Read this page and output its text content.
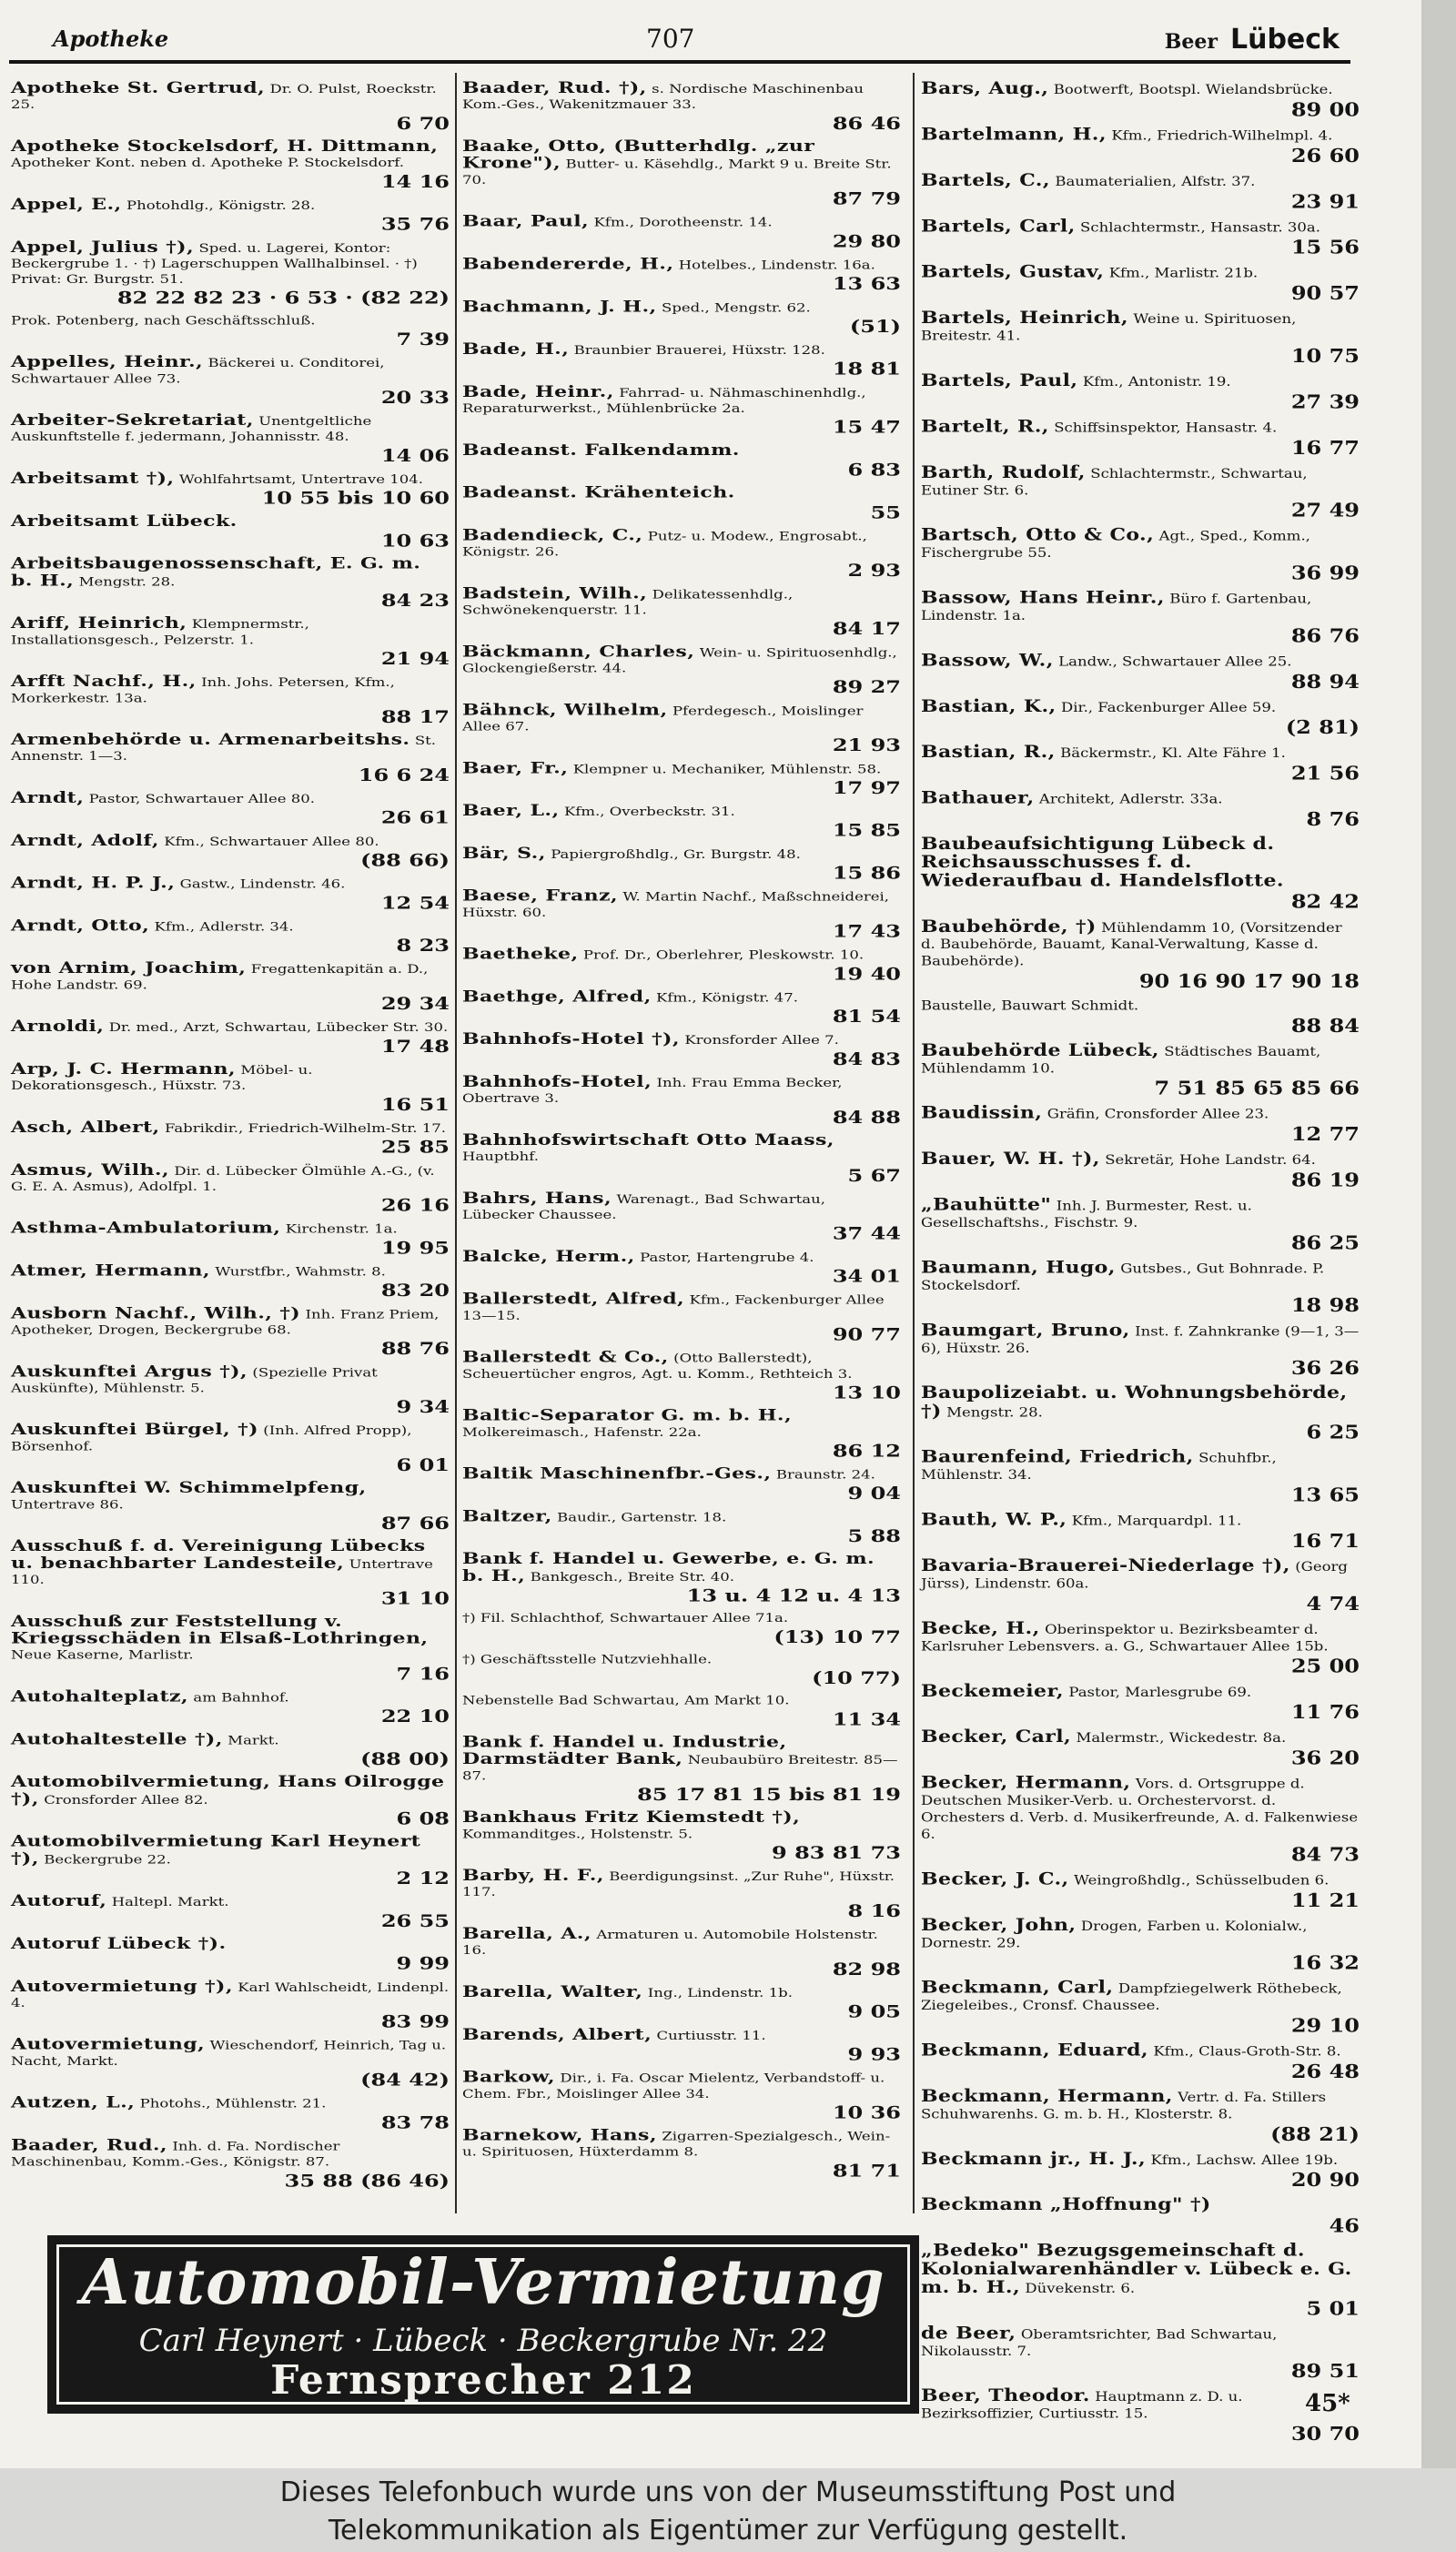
Apotheke	707	Beer Lübeck
Apotheke St. Gertrud, Dr. O. Pulst, Roeckstr. 25.
6 70
Apotheke Stockelsdorf, H. Dittmann, Apotheker Kont. neben d. Apotheke P. Stockelsdorf.
14 16
Appel, E., Photohdlg., Königstr. 28.
35 76
Appel, Julius †), Sped. u. Lagerei, Kontor: Beckergrube 1. · †) Lagerschuppen Wallhalbinsel. · †) Privat: Gr. Burgstr. 51.
82 22 82 23 · 6 53 · (82 22)
Prok. Potenberg, nach Geschäftsschluß.
7 39
Appelles, Heinr., Bäckerei u. Conditorei, Schwartauer Allee 73.
20 33
Arbeiter-Sekretariat, Unentgeltliche Auskunftstelle f. jedermann, Johannisstr. 48.
14 06
Arbeitsamt †), Wohlfahrtsamt, Untertrave 104.
10 55 bis 10 60
Arbeitsamt Lübeck.
10 63
Arbeitsbaugenossenschaft, E. G. m. b. H., Mengstr. 28.
84 23
Ariff, Heinrich, Klempnermstr., Installationsgesch., Pelzerstr. 1.
21 94
Arfft Nachf., H., Inh. Johs. Petersen, Kfm., Morkerkestr. 13a.
88 17
Armenbehörde u. Armenarbeitshs. St. Annenstr. 1—3.
16 6 24
Arndt, Pastor, Schwartauer Allee 80.
26 61
Arndt, Adolf, Kfm., Schwartauer Allee 80.
(88 66)
Arndt, H. P. J., Gastw., Lindenstr. 46.
12 54
Arndt, Otto, Kfm., Adlerstr. 34.
8 23
von Arnim, Joachim, Fregattenkapitän a. D., Hohe Landstr. 69.
29 34
Arnoldi, Dr. med., Arzt, Schwartau, Lübecker Str. 30.
17 48
Arp, J. C. Hermann, Möbel- u. Dekorationsgesch., Hüxstr. 73.
16 51
Asch, Albert, Fabrikdir., Friedrich-Wilhelm-Str. 17.
25 85
Asmus, Wilh., Dir. d. Lübecker Ölmühle A.-G., (v. G. E. A. Asmus), Adolfpl. 1.
26 16
Asthma-Ambulatorium, Kirchenstr. 1a.
19 95
Atmer, Hermann, Wurstfbr., Wahmstr. 8.
83 20
Ausborn Nachf., Wilh., †) Inh. Franz Priem, Apotheker, Drogen, Beckergrube 68.
88 76
Auskunftei Argus †), (Spezielle Privat Auskünfte), Mühlenstr. 5.
9 34
Auskunftei Bürgel, †) (Inh. Alfred Propp), Börsenhof.
6 01
Auskunftei W. Schimmelpfeng, Untertrave 86.
87 66
Ausschuß f. d. Vereinigung Lübecks u. benachbarter Landesteile, Untertrave 110.
31 10
Ausschuß zur Feststellung v. Kriegsschäden in Elsaß-Lothringen, Neue Kaserne, Marlistr.
7 16
Autohalteplatz, am Bahnhof.
22 10
Autohaltestelle †), Markt.
(88 00)
Automobilvermietung, Hans Oilrogge †), Cronsforder Allee 82.
6 08
Automobilvermietung Karl Heynert †), Beckergrube 22.
2 12
Autoruf, Haltepl. Markt.
26 55
Autoruf Lübeck †).
9 99
Autovermietung †), Karl Wahlscheidt, Lindenpl. 4.
83 99
Autovermietung, Wieschendorf, Heinrich, Tag u. Nacht, Markt.
(84 42)
Autzen, L., Photohs., Mühlenstr. 21.
83 78
Baader, Rud., Inh. d. Fa. Nordischer Maschinenbau, Komm.-Ges., Königstr. 87.
35 88 (86 46)
Baader, Rud. †), s. Nordische Maschinenbau Kom.-Ges., Wakenitzmauer 33.
86 46
Baake, Otto, (Butterhdlg. „zur Krone"), Butter- u. Käsehdlg., Markt 9 u. Breite Str. 70.
87 79
Baar, Paul, Kfm., Dorotheenstr. 14.
29 80
Babendererde, H., Hotelbes., Lindenstr. 16a.
13 63
Bachmann, J. H., Sped., Mengstr. 62.
(51)
Bade, H., Braunbier Brauerei, Hüxstr. 128.
18 81
Bade, Heinr., Fahrrad- u. Nähmaschinenhdlg., Reparaturwerkst., Mühlenbrücke 2a.
15 47
Badeanst. Falkendamm.
6 83
Badeanst. Krähenteich.
55
Badendieck, C., Putz- u. Modew., Engrosabt., Königstr. 26.
2 93
Badstein, Wilh., Delikatessenhdlg., Schwönekenquerstr. 11.
84 17
Bäckmann, Charles, Wein- u. Spirituosenhdlg., Glockengießerstr. 44.
89 27
Bähnck, Wilhelm, Pferdegesch., Moislinger Allee 67.
21 93
Baer, Fr., Klempner u. Mechaniker, Mühlenstr. 58.
17 97
Baer, L., Kfm., Overbeckstr. 31.
15 85
Bär, S., Papiergroßhdlg., Gr. Burgstr. 48.
15 86
Baese, Franz, W. Martin Nachf., Maßschneiderei, Hüxstr. 60.
17 43
Baetheke, Prof. Dr., Oberlehrer, Pleskowstr. 10.
19 40
Baethge, Alfred, Kfm., Königstr. 47.
81 54
Bahnhofs-Hotel †), Kronsforder Allee 7.
84 83
Bahnhofs-Hotel, Inh. Frau Emma Becker, Obertrave 3.
84 88
Bahnhofswirtschaft Otto Maass, Hauptbhf.
5 67
Bahrs, Hans, Warenagt., Bad Schwartau, Lübecker Chaussee.
37 44
Balcke, Herm., Pastor, Hartengrube 4.
34 01
Ballerstedt, Alfred, Kfm., Fackenburger Allee 13—15.
90 77
Ballerstedt & Co., (Otto Ballerstedt), Scheuertücher engros, Agt. u. Komm., Rethteich 3.
13 10
Baltic-Separator G. m. b. H., Molkereimasch., Hafenstr. 22a.
86 12
Baltik Maschinenfbr.-Ges., Braunstr. 24.
9 04
Baltzer, Baudir., Gartenstr. 18.
5 88
Bank f. Handel u. Gewerbe, e. G. m. b. H., Bankgesch., Breite Str. 40.
13 u. 4 12 u. 4 13
†) Fil. Schlachthof, Schwartauer Allee 71a.
(13) 10 77
†) Geschäftsstelle Nutzviehhalle.
(10 77)
Nebenstelle Bad Schwartau, Am Markt 10.
11 34
Bank f. Handel u. Industrie, Darmstädter Bank, Neubaubüro Breitestr. 85—87.
85 17 81 15 bis 81 19
Bankhaus Fritz Kiemstedt †), Kommanditges., Holstenstr. 5.
9 83 81 73
Barby, H. F., Beerdigungsinst. „Zur Ruhe", Hüxstr. 117.
8 16
Barella, A., Armaturen u. Automobile Holstenstr. 16.
82 98
Barella, Walter, Ing., Lindenstr. 1b.
9 05
Barends, Albert, Curtiusstr. 11.
9 93
Barkow, Dir., i. Fa. Oscar Mielentz, Verbandstoff- u. Chem. Fbr., Moislinger Allee 34.
10 36
Barnekow, Hans, Zigarren-Spezialgesch., Wein- u. Spirituosen, Hüxterdamm 8.
81 71
Bars, Aug., Bootwerft, Bootspl. Wielandsbrücke.
89 00
Bartelmann, H., Kfm., Friedrich-Wilhelmpl. 4.
26 60
Bartels, C., Baumaterialien, Alfstr. 37.
23 91
Bartels, Carl, Schlachtermstr., Hansastr. 30a.
15 56
Bartels, Gustav, Kfm., Marlistr. 21b.
90 57
Bartels, Heinrich, Weine u. Spirituosen, Breitestr. 41.
10 75
Bartels, Paul, Kfm., Antonistr. 19.
27 39
Bartelt, R., Schiffsinspektor, Hansastr. 4.
16 77
Barth, Rudolf, Schlachtermstr., Schwartau, Eutiner Str. 6.
27 49
Bartsch, Otto & Co., Agt., Sped., Komm., Fischergrube 55.
36 99
Bassow, Hans Heinr., Büro f. Gartenbau, Lindenstr. 1a.
86 76
Bassow, W., Landw., Schwartauer Allee 25.
88 94
Bastian, K., Dir., Fackenburger Allee 59.
(2 81)
Bastian, R., Bäckermstr., Kl. Alte Fähre 1.
21 56
Bathauer, Architekt, Adlerstr. 33a.
8 76
Baubeaufsichtigung Lübeck d. Reichsausschusses f. d. Wiederaufbau d. Handelsflotte.
82 42
Baubehörde, †) Mühlendamm 10, (Vorsitzender d. Baubehörde, Bauamt, Kanal-Verwaltung, Kasse d. Baubehörde).
90 16 90 17 90 18
Baustelle, Bauwart Schmidt.
88 84
Baubehörde Lübeck, Städtisches Bauamt, Mühlendamm 10.
7 51 85 65 85 66
Baudissin, Gräfin, Cronsforder Allee 23.
12 77
Bauer, W. H. †), Sekretär, Hohe Landstr. 64.
86 19
„Bauhütte" Inh. J. Burmester, Rest. u. Gesellschaftshs., Fischstr. 9.
86 25
Baumann, Hugo, Gutsbes., Gut Bohnrade. P. Stockelsdorf.
18 98
Baumgart, Bruno, Inst. f. Zahnkranke (9—1, 3—6), Hüxstr. 26.
36 26
Baupolizeiabt. u. Wohnungsbehörde, †) Mengstr. 28.
6 25
Baurenfeind, Friedrich, Schuhfbr., Mühlenstr. 34.
13 65
Bauth, W. P., Kfm., Marquardpl. 11.
16 71
Bavaria-Brauerei-Niederlage †), (Georg Jürss), Lindenstr. 60a.
4 74
Becke, H., Oberinspektor u. Bezirksbeamter d. Karlsruher Lebensvers. a. G., Schwartauer Allee 15b.
25 00
Beckemeier, Pastor, Marlesgrube 69.
11 76
Becker, Carl, Malermstr., Wickedestr. 8a.
36 20
Becker, Hermann, Vors. d. Ortsgruppe d. Deutschen Musiker-Verb. u. Orchestervorst. d. Orchesters d. Verb. d. Musikerfreunde, A. d. Falkenwiese 6.
84 73
Becker, J. C., Weingroßhdlg., Schüsselbuden 6.
11 21
Becker, John, Drogen, Farben u. Kolonialw., Dornestr. 29.
16 32
Beckmann, Carl, Dampfziegelwerk Röthebeck, Ziegeleibes., Cronsf. Chaussee.
29 10
Beckmann, Eduard, Kfm., Claus-Groth-Str. 8.
26 48
Beckmann, Hermann, Vertr. d. Fa. Stillers Schuhwarenhs. G. m. b. H., Klosterstr. 8.
(88 21)
Beckmann jr., H. J., Kfm., Lachsw. Allee 19b.
20 90
Beckmann „Hoffnung" †)
46
„Bedeko" Bezugsgemeinschaft d. Kolonialwarenhändler v. Lübeck e. G. m. b. H., Düvekenstr. 6.
5 01
de Beer, Oberamtsrichter, Bad Schwartau, Nikolausstr. 7.
89 51
Beer, Theodor. Hauptmann z. D. u. Bezirksoffizier, Curtiusstr. 15.
30 70
Automobil-Vermietung
Carl Heynert · Lübeck · Beckergrube Nr. 22
Fernsprecher 212	45*
Dieses Telefonbuch wurde uns von der Museumsstiftung Post und
Telekommunikation als Eigentümer zur Verfügung gestellt.
